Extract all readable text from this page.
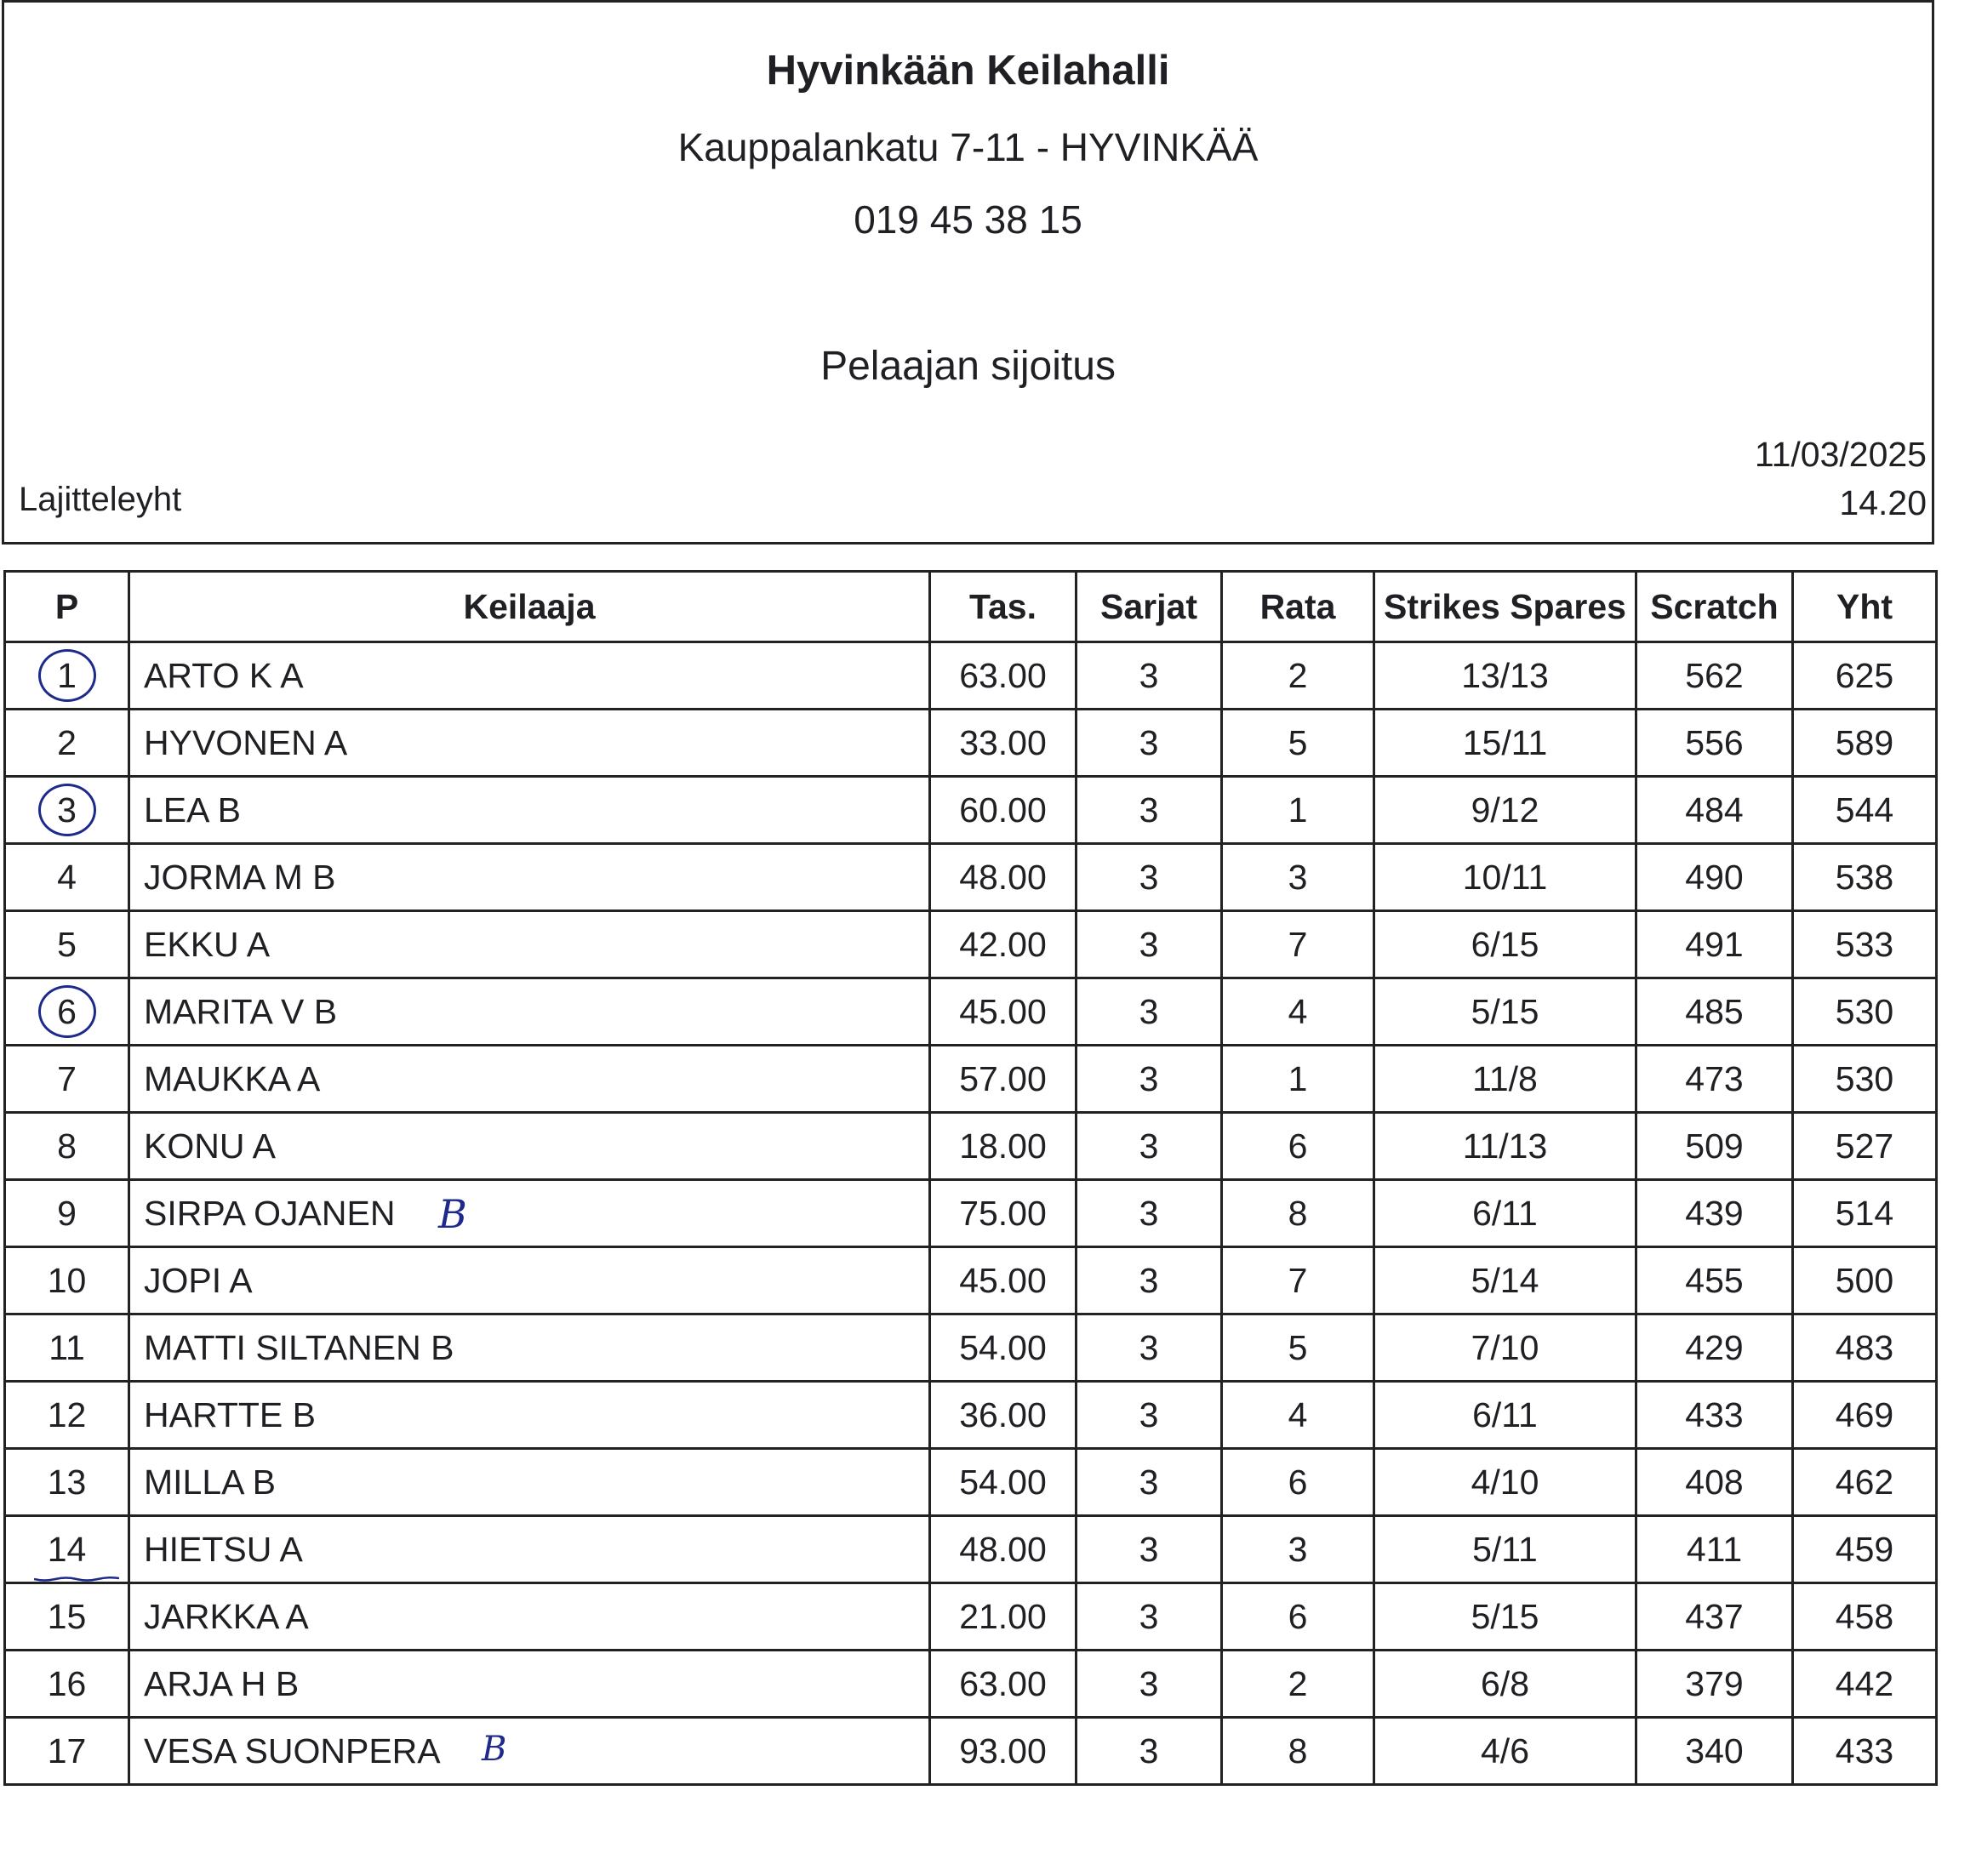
Hyvinkään Keilahalli
Kauppalankatu 7-11 - HYVINKÄÄ
019 45 38 15
Pelaajan sijoitus
Lajitteleyht
11/03/2025
14.20
P	Keilaaja	Tas.	Sarjat	Rata	Strikes Spares	Scratch	Yht
1	ARTO K A	63.00	3	2	13/13	562	625
2	HYVONEN A	33.00	3	5	15/11	556	589
3	LEA B	60.00	3	1	9/12	484	544
4	JORMA M B	48.00	3	3	10/11	490	538
5	EKKU A	42.00	3	7	6/15	491	533
6	MARITA V B	45.00	3	4	5/15	485	530
7	MAUKKA A	57.00	3	1	11/8	473	530
8	KONU A	18.00	3	6	11/13	509	527
9	SIRPA OJANEN	75.00	3	8	6/11	439	514
10	JOPI A	45.00	3	7	5/14	455	500
11	MATTI SILTANEN B	54.00	3	5	7/10	429	483
12	HARTTE B	36.00	3	4	6/11	433	469
13	MILLA B	54.00	3	6	4/10	408	462
14	HIETSU A	48.00	3	3	5/11	411	459
15	JARKKA A	21.00	3	6	5/15	437	458
16	ARJA H B	63.00	3	2	6/8	379	442
17	VESA SUONPERA	93.00	3	8	4/6	340	433
B
B
